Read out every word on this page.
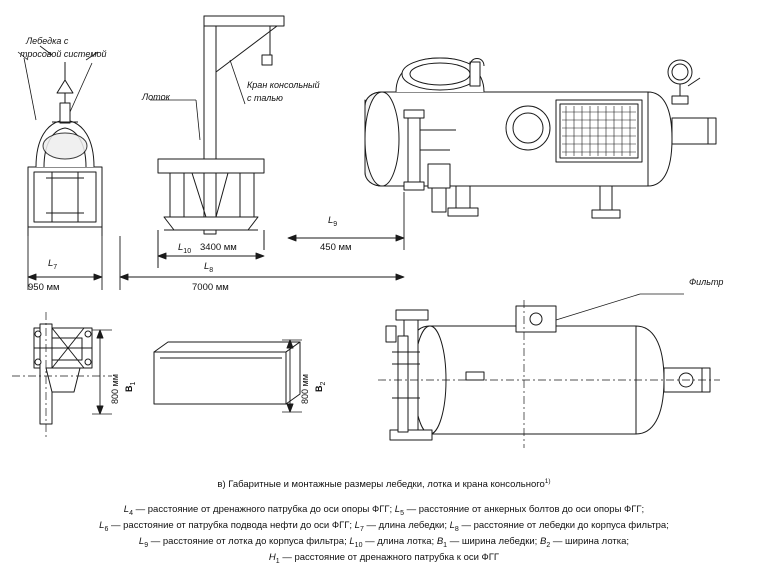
Лебедка с
тросовой системой
Лоток
Кран консольный
с талью
Фильтр
$L_9$
450 мм
$L_{10}$ 3400 мм
$L_8$
7000 мм
$L_7$
950 мм
$B_1$
800 мм	$B_2$
800 мм
в) Габаритные и монтажные размеры лебедки, лотка и крана консольного$^{1)}$
$L_4$ — расстояние от дренажного патрубка до оси опоры ФГГ; $L_5$ — расстояние от анкерных болтов до оси опоры ФГГ;
$L_6$ — расстояние от патрубка подвода нефти до оси ФГГ; $L_7$ — длина лебедки; $L_8$ — расстояние от лебедки до корпуса фильтра;
$L_9$ — расстояние от лотка до корпуса фильтра; $L_{10}$ — длина лотка; $B_1$ — ширина лебедки; $B_2$ — ширина лотка;
$H_1$ — расстояние от дренажного патрубка к оси ФГГ
